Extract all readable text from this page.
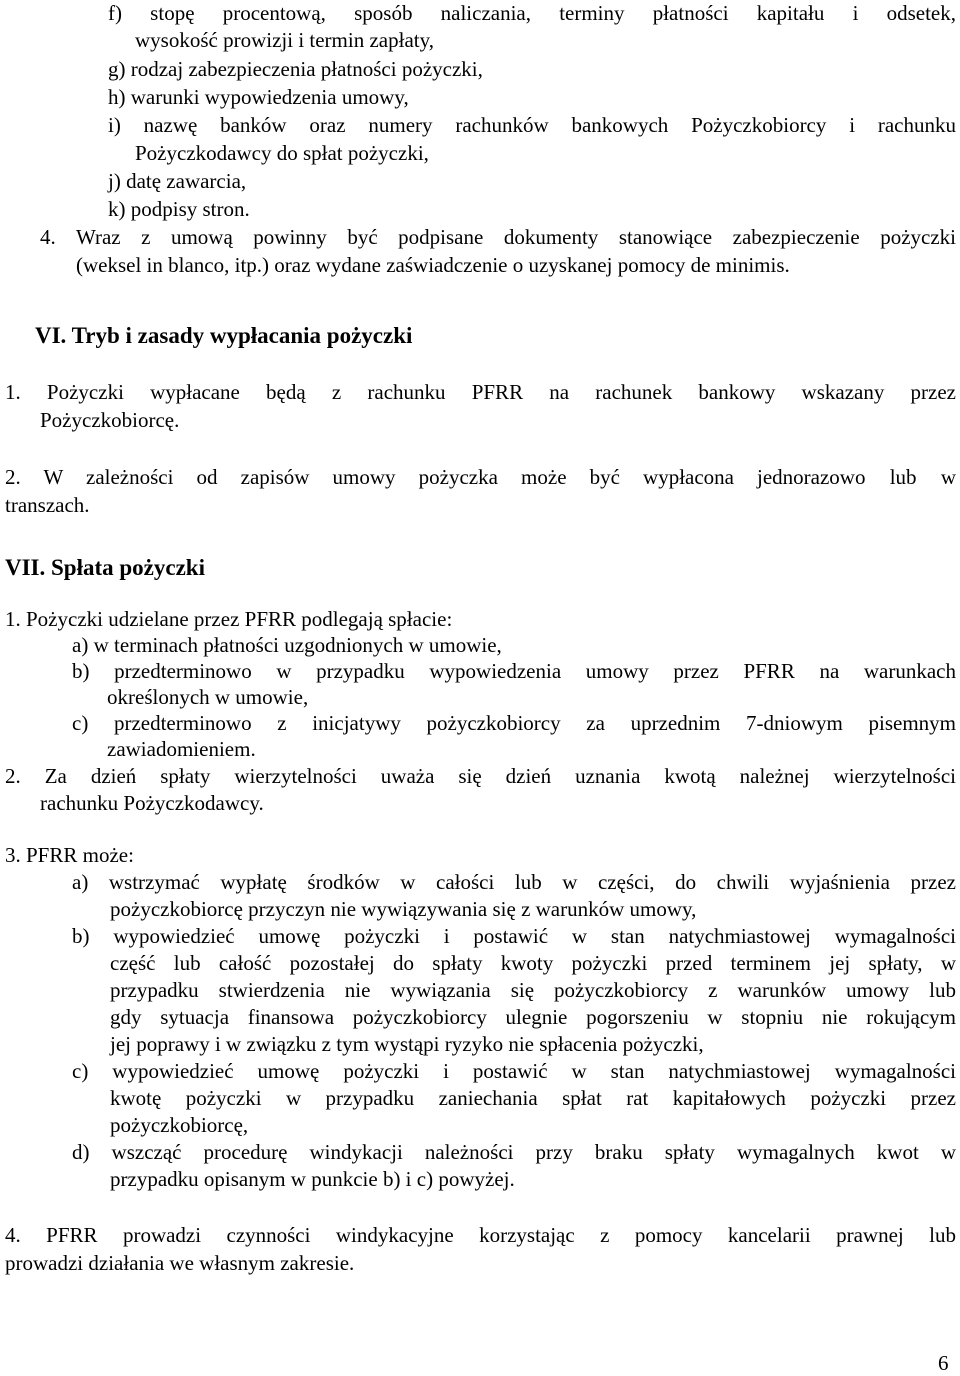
f) stopę procentową, sposób naliczania, terminy płatności kapitału i odsetek,
wysokość prowizji i termin zapłaty,
g) rodzaj zabezpieczenia płatności pożyczki,
h) warunki wypowiedzenia umowy,
i) nazwę banków oraz numery rachunków bankowych Pożyczkobiorcy i rachunku
Pożyczkodawcy do spłat pożyczki,
j) datę zawarcia,
k) podpisy stron.
4. Wraz z umową powinny być podpisane dokumenty stanowiące zabezpieczenie pożyczki
(weksel in blanco, itp.) oraz wydane zaświadczenie o uzyskanej pomocy de minimis.
VI. Tryb i zasady wypłacania pożyczki
1. Pożyczki wypłacane będą z rachunku PFRR na rachunek bankowy wskazany przez
Pożyczkobiorcę.
2. W zależności od zapisów umowy pożyczka może być wypłacona jednorazowo lub w
transzach.
VII. Spłata pożyczki
1. Pożyczki udzielane przez PFRR podlegają spłacie:
a) w terminach płatności uzgodnionych w umowie,
b) przedterminowo w przypadku wypowiedzenia umowy przez PFRR na warunkach
określonych w umowie,
c) przedterminowo z inicjatywy pożyczkobiorcy za uprzednim 7-dniowym pisemnym
zawiadomieniem.
2. Za dzień spłaty wierzytelności uważa się dzień uznania kwotą należnej wierzytelności
rachunku Pożyczkodawcy.
3. PFRR może:
a) wstrzymać wypłatę środków w całości lub w części, do chwili wyjaśnienia przez
pożyczkobiorcę przyczyn nie wywiązywania się z warunków umowy,
b) wypowiedzieć umowę pożyczki i postawić w stan natychmiastowej wymagalności
część lub całość pozostałej do spłaty kwoty pożyczki przed terminem jej spłaty, w
przypadku stwierdzenia nie wywiązania się pożyczkobiorcy z warunków umowy lub
gdy sytuacja finansowa pożyczkobiorcy ulegnie pogorszeniu w stopniu nie rokującym
jej poprawy i w związku z tym wystąpi ryzyko nie spłacenia pożyczki,
c) wypowiedzieć umowę pożyczki i postawić w stan natychmiastowej wymagalności
kwotę pożyczki w przypadku zaniechania spłat rat kapitałowych pożyczki przez
pożyczkobiorcę,
d) wszcząć procedurę windykacji należności przy braku spłaty wymagalnych kwot w
przypadku opisanym w punkcie b) i c) powyżej.
4. PFRR prowadzi czynności windykacyjne korzystając z pomocy kancelarii prawnej lub
prowadzi działania we własnym zakresie.
6
